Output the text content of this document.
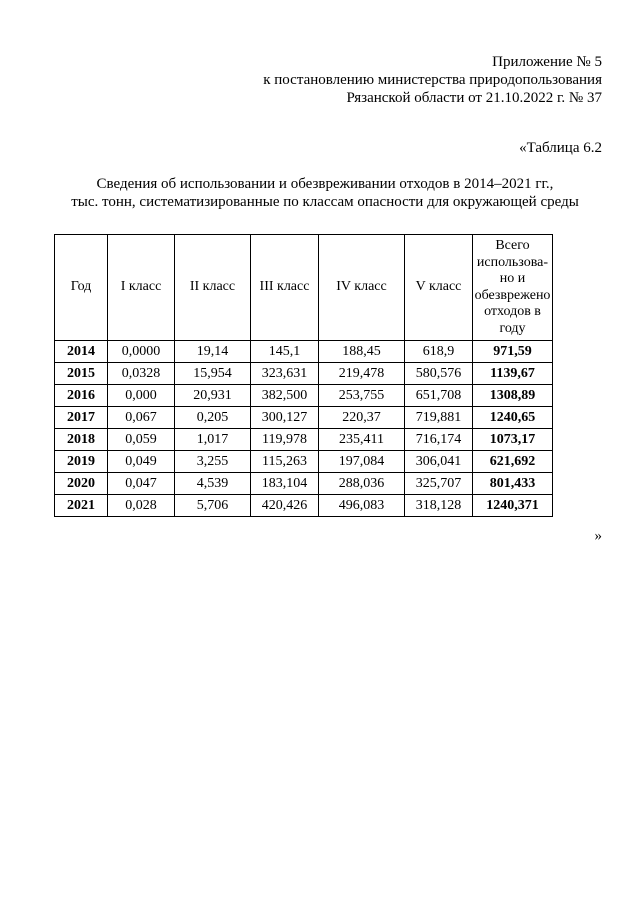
Приложение № 5
к постановлению министерства природопользования
Рязанской области от 21.10.2022 г. № 37
«Таблица 6.2
Сведения об использовании и обезвреживании отходов в 2014–2021 гг.,
тыс. тонн, систематизированные по классам опасности для окружающей среды
Год	I класс	II класс	III класс	IV класс	V класс	Всего использова-но и обезврежено отходов в году
2014	0,0000	19,14	145,1	188,45	618,9	971,59
2015	0,0328	15,954	323,631	219,478	580,576	1139,67
2016	0,000	20,931	382,500	253,755	651,708	1308,89
2017	0,067	0,205	300,127	220,37	719,881	1240,65
2018	0,059	1,017	119,978	235,411	716,174	1073,17
2019	0,049	3,255	115,263	197,084	306,041	621,692
2020	0,047	4,539	183,104	288,036	325,707	801,433
2021	0,028	5,706	420,426	496,083	318,128	1240,371
»
